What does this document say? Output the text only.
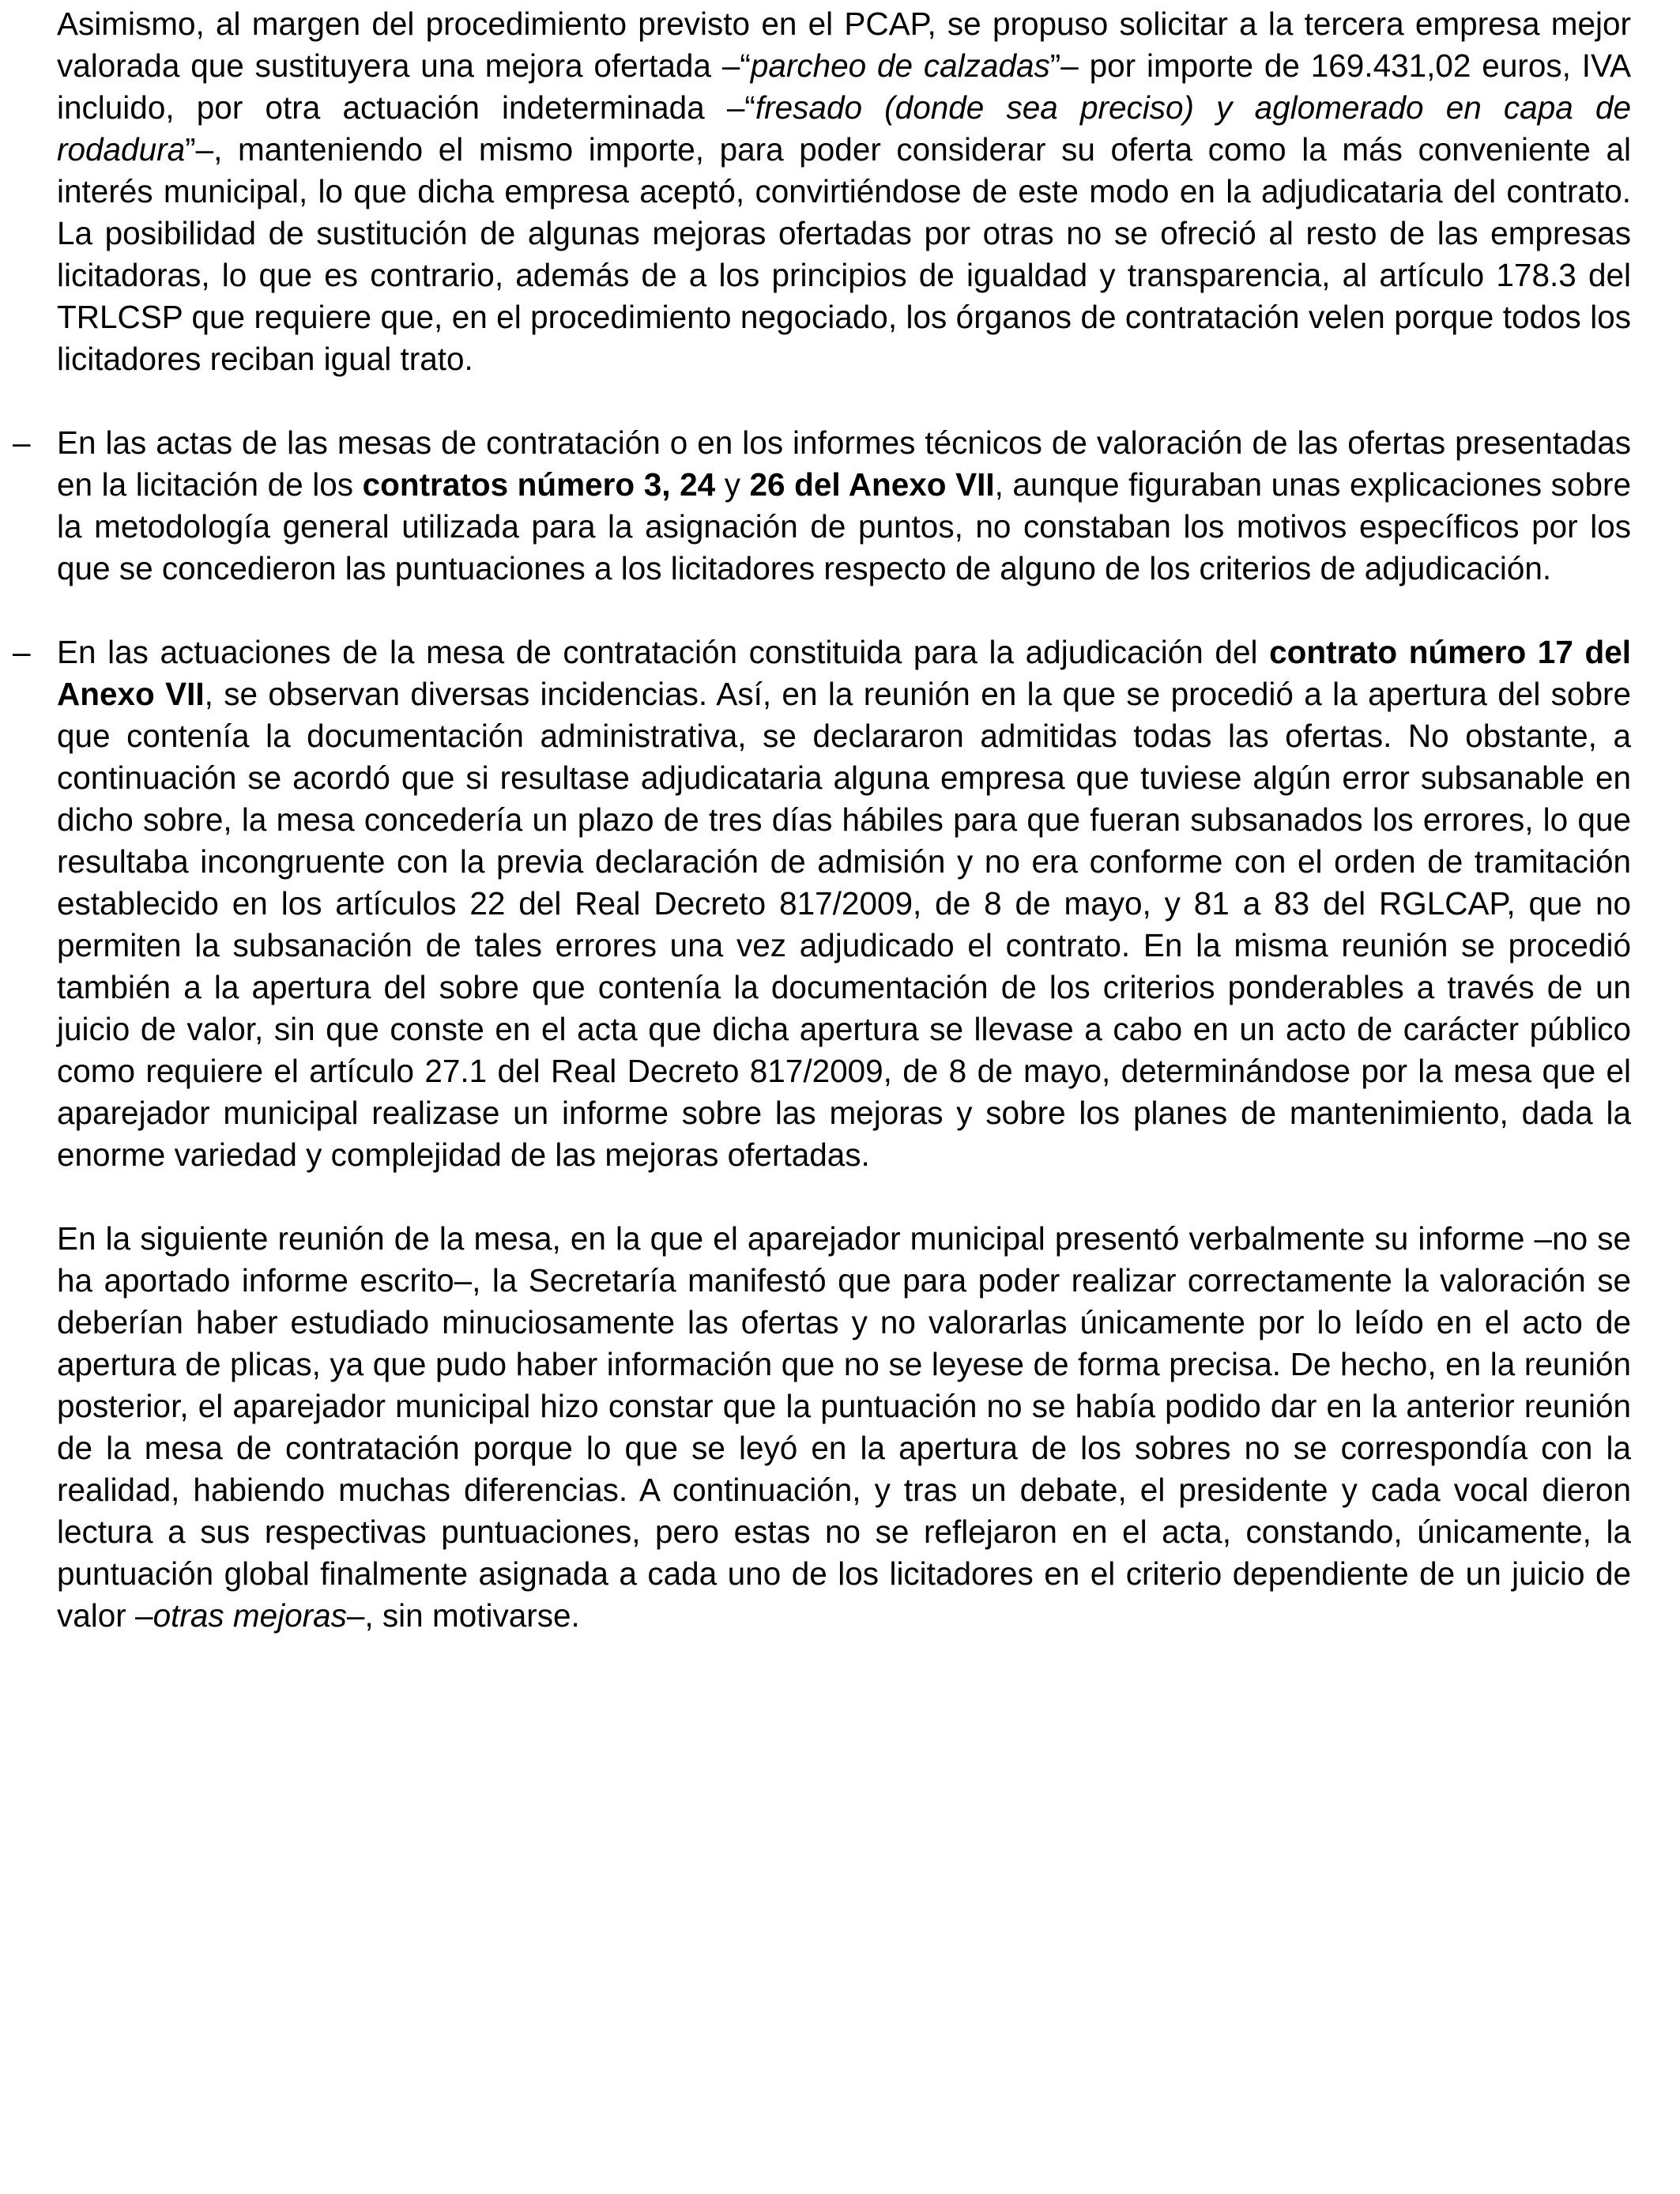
Asimismo, al margen del procedimiento previsto en el PCAP, se propuso solicitar a la tercera empresa mejor valorada que sustituyera una mejora ofertada –“parcheo de calzadas”– por importe de 169.431,02 euros, IVA incluido, por otra actuación indeterminada –“fresado (donde sea preciso) y aglomerado en capa de rodadura”–, manteniendo el mismo importe, para poder considerar su oferta como la más conveniente al interés municipal, lo que dicha empresa aceptó, convirtiéndose de este modo en la adjudicataria del contrato. La posibilidad de sustitución de algunas mejoras ofertadas por otras no se ofreció al resto de las empresas licitadoras, lo que es contrario, además de a los principios de igualdad y transparencia, al artículo 178.3 del TRLCSP que requiere que, en el procedimiento negociado, los órganos de contratación velen porque todos los licitadores reciban igual trato.

– En las actas de las mesas de contratación o en los informes técnicos de valoración de las ofertas presentadas en la licitación de los contratos número 3, 24 y 26 del Anexo VII, aunque figuraban unas explicaciones sobre la metodología general utilizada para la asignación de puntos, no constaban los motivos específicos por los que se concedieron las puntuaciones a los licitadores respecto de alguno de los criterios de adjudicación.

– En las actuaciones de la mesa de contratación constituida para la adjudicación del contrato número 17 del Anexo VII, se observan diversas incidencias. Así, en la reunión en la que se procedió a la apertura del sobre que contenía la documentación administrativa, se declararon admitidas todas las ofertas. No obstante, a continuación se acordó que si resultase adjudicataria alguna empresa que tuviese algún error subsanable en dicho sobre, la mesa concedería un plazo de tres días hábiles para que fueran subsanados los errores, lo que resultaba incongruente con la previa declaración de admisión y no era conforme con el orden de tramitación establecido en los artículos 22 del Real Decreto 817/2009, de 8 de mayo, y 81 a 83 del RGLCAP, que no permiten la subsanación de tales errores una vez adjudicado el contrato. En la misma reunión se procedió también a la apertura del sobre que contenía la documentación de los criterios ponderables a través de un juicio de valor, sin que conste en el acta que dicha apertura se llevase a cabo en un acto de carácter público como requiere el artículo 27.1 del Real Decreto 817/2009, de 8 de mayo, determinándose por la mesa que el aparejador municipal realizase un informe sobre las mejoras y sobre los planes de mantenimiento, dada la enorme variedad y complejidad de las mejoras ofertadas.

En la siguiente reunión de la mesa, en la que el aparejador municipal presentó verbalmente su informe –no se ha aportado informe escrito–, la Secretaría manifestó que para poder realizar correctamente la valoración se deberían haber estudiado minuciosamente las ofertas y no valorarlas únicamente por lo leído en el acto de apertura de plicas, ya que pudo haber información que no se leyese de forma precisa. De hecho, en la reunión posterior, el aparejador municipal hizo constar que la puntuación no se había podido dar en la anterior reunión de la mesa de contratación porque lo que se leyó en la apertura de los sobres no se correspondía con la realidad, habiendo muchas diferencias. A continuación, y tras un debate, el presidente y cada vocal dieron lectura a sus respectivas puntuaciones, pero estas no se reflejaron en el acta, constando, únicamente, la puntuación global finalmente asignada a cada uno de los licitadores en el criterio dependiente de un juicio de valor –otras mejoras–, sin motivarse.
